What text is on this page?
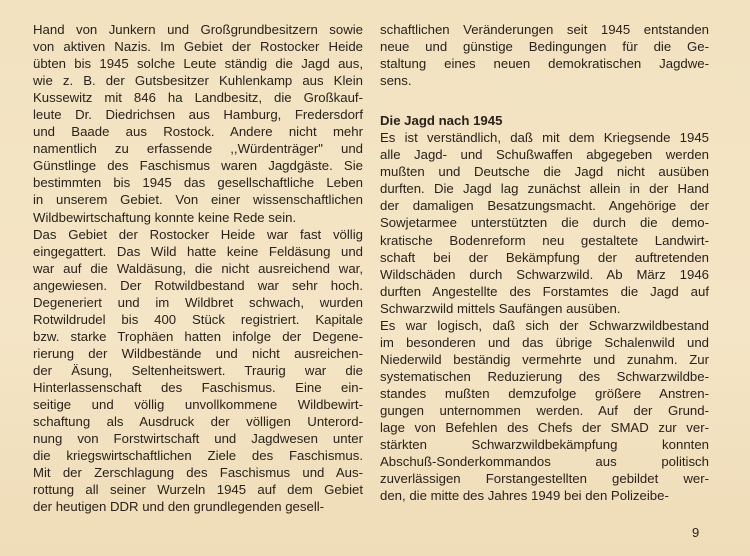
Hand von Junkern und Großgrundbesitzern sowie
von aktiven Nazis. Im Gebiet der Rostocker Heide
übten bis 1945 solche Leute ständig die Jagd aus,
wie z. B. der Gutsbesitzer Kuhlenkamp aus Klein
Kussewitz mit 846 ha Landbesitz, die Großkauf-
leute Dr. Diedrichsen aus Hamburg, Fredersdorf
und Baade aus Rostock. Andere nicht mehr
namentlich zu erfassende ,,Würdenträger" und
Günstlinge des Faschismus waren Jagdgäste. Sie
bestimmten bis 1945 das gesellschaftliche Leben
in unserem Gebiet. Von einer wissenschaftlichen
Wildbewirtschaftung konnte keine Rede sein.
Das Gebiet der Rostocker Heide war fast völlig
eingegattert. Das Wild hatte keine Feldäsung und
war auf die Waldäsung, die nicht ausreichend war,
angewiesen. Der Rotwildbestand war sehr hoch.
Degeneriert und im Wildbret schwach, wurden
Rotwildrudel bis 400 Stück registriert. Kapitale
bzw. starke Trophäen hatten infolge der Degene-
rierung der Wildbestände und nicht ausreichen-
der Äsung, Seltenheitswert. Traurig war die
Hinterlassenschaft des Faschismus. Eine ein-
seitige und völlig unvollkommene Wildbewirt-
schaftung als Ausdruck der völligen Unterord-
nung von Forstwirtschaft und Jagdwesen unter
die kriegswirtschaftlichen Ziele des Faschismus.
Mit der Zerschlagung des Faschismus und Aus-
rottung all seiner Wurzeln 1945 auf dem Gebiet
der heutigen DDR und den grundlegenden gesell-
schaftlichen Veränderungen seit 1945 entstanden
neue und günstige Bedingungen für die Ge-
staltung eines neuen demokratischen Jagdwe-
sens.
Die Jagd nach 1945
Es ist verständlich, daß mit dem Kriegsende 1945
alle Jagd- und Schußwaffen abgegeben werden
mußten und Deutsche die Jagd nicht ausüben
durften. Die Jagd lag zunächst allein in der Hand
der damaligen Besatzungsmacht. Angehörige der
Sowjetarmee unterstützten die durch die demo-
kratische Bodenreform neu gestaltete Landwirt-
schaft bei der Bekämpfung der auftretenden
Wildschäden durch Schwarzwild. Ab März 1946
durften Angestellte des Forstamtes die Jagd auf
Schwarzwild mittels Saufängen ausüben.
Es war logisch, daß sich der Schwarzwildbestand
im besonderen und das übrige Schalenwild und
Niederwild beständig vermehrte und zunahm. Zur
systematischen Reduzierung des Schwarzwildbe-
standes mußten demzufolge größere Anstren-
gungen unternommen werden. Auf der Grund-
lage von Befehlen des Chefs der SMAD zur ver-
stärkten Schwarzwildbekämpfung konnten
Abschuß-Sonderkommandos aus politisch
zuverlässigen Forstangestellten gebildet wer-
den, die mitte des Jahres 1949 bei den Polizeibe-
9
